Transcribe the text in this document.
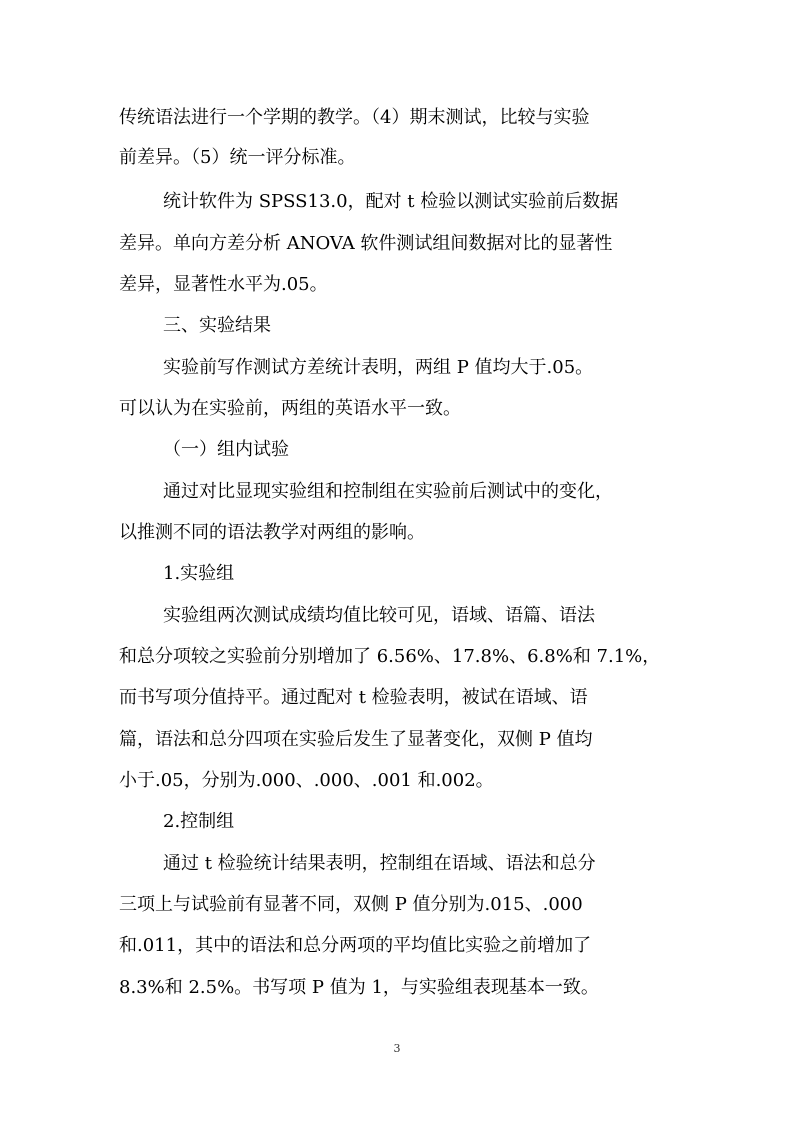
传统语法进行一个学期的教学。（4）期末测试，比较与实验
前差异。（5）统一评分标准。
统计软件为 SPSS13.0，配对 t 检验以测试实验前后数据
差异。单向方差分析 ANOVA 软件测试组间数据对比的显著性
差异，显著性水平为.05。
三、实验结果
实验前写作测试方差统计表明，两组 P 值均大于.05。
可以认为在实验前，两组的英语水平一致。
（一）组内试验
通过对比显现实验组和控制组在实验前后测试中的变化，
以推测不同的语法教学对两组的影响。
1.实验组
实验组两次测试成绩均值比较可见，语域、语篇、语法
和总分项较之实验前分别增加了 6.56%、17.8%、6.8%和 7.1%，
而书写项分值持平。通过配对 t 检验表明，被试在语域、语
篇，语法和总分四项在实验后发生了显著变化，双侧 P 值均
小于.05，分别为.000、.000、.001 和.002。
2.控制组
通过 t 检验统计结果表明，控制组在语域、语法和总分
三项上与试验前有显著不同，双侧 P 值分别为.015、.000
和.011，其中的语法和总分两项的平均值比实验之前增加了
8.3%和 2.5%。书写项 P 值为 1，与实验组表现基本一致。
3
